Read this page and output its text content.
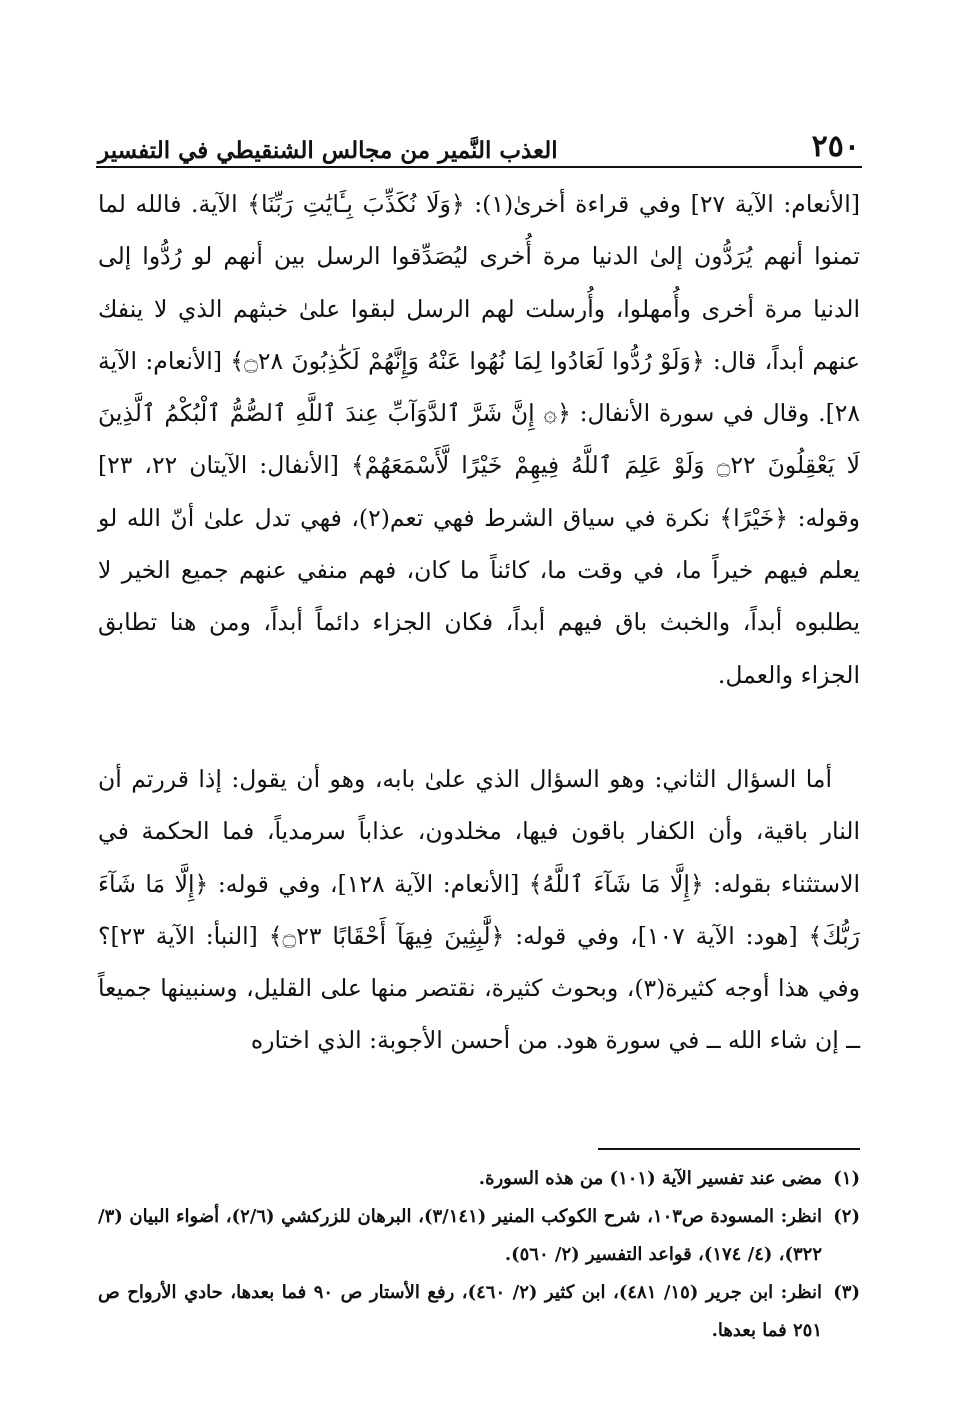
٢٥٠
العذب النَّمير من مجالس الشنقيطي في التفسير

[الأنعام: الآية ٢٧] وفي قراءة أخرىٰ(١): ﴿وَلَا نُكَذِّبَ بِـَٔايَٰتِ رَبِّنَا﴾ الآية. فالله لما تمنوا أنهم يُرَدُّون إلىٰ الدنيا مرة أُخرى ليُصَدِّقوا الرسل بين أنهم لو رُدُّوا إلى الدنيا مرة أخرى وأُمهلوا، وأُرسلت لهم الرسل لبقوا علىٰ خبثهم الذي لا ينفك عنهم أبداً، قال: ﴿وَلَوْ رُدُّوا لَعَادُوا لِمَا نُهُوا عَنْهُ وَإِنَّهُمْ لَكَٰذِبُونَ ۝٢٨﴾ [الأنعام: الآية ٢٨]. وقال في سورة الأنفال: ﴿۞ إِنَّ شَرَّ ٱلدَّوَآبِّ عِندَ ٱللَّهِ ٱلصُّمُّ ٱلْبُكْمُ ٱلَّذِينَ لَا يَعْقِلُونَ ۝٢٢ وَلَوْ عَلِمَ ٱللَّهُ فِيهِمْ خَيْرًا لَّأَسْمَعَهُمْ﴾ [الأنفال: الآيتان ٢٢، ٢٣] وقوله: ﴿خَيْرًا﴾ نكرة في سياق الشرط فهي تعم(٢)، فهي تدل علىٰ أنّ الله لو يعلم فيهم خيراً ما، في وقت ما، كائناً ما كان، فهم منفي عنهم جميع الخير لا يطلبوه أبداً، والخبث باق فيهم أبداً، فكان الجزاء دائماً أبداً، ومن هنا تطابق الجزاء والعمل.

أما السؤال الثاني: وهو السؤال الذي علىٰ بابه، وهو أن يقول: إذا قررتم أن النار باقية، وأن الكفار باقون فيها، مخلدون، عذاباً سرمدياً، فما الحكمة في الاستثناء بقوله: ﴿إِلَّا مَا شَآءَ ٱللَّهُ﴾ [الأنعام: الآية ١٢٨]، وفي قوله: ﴿إِلَّا مَا شَآءَ رَبُّكَ﴾ [هود: الآية ١٠٧]، وفي قوله: ﴿لَّٰبِثِينَ فِيهَآ أَحْقَابًا ۝٢٣﴾ [النبأ: الآية ٢٣]؟ وفي هذا أوجه كثيرة(٣)، وبحوث كثيرة، نقتصر منها على القليل، وسنبينها جميعاً ــ إن شاء الله ــ في سورة هود. من أحسن الأجوبة: الذي اختاره

(١)
مضى عند تفسير الآية (١٠١) من هذه السورة.
(٢)
انظر: المسودة ص١٠٣، شرح الكوكب المنير (٣/١٤١)، البرهان للزركشي (٢/٦)، أضواء البيان (٣/ ٣٢٢)، (٤/ ١٧٤)، قواعد التفسير (٢/ ٥٦٠).
(٣)
انظر: ابن جرير (١٥/ ٤٨١)، ابن كثير (٢/ ٤٦٠)، رفع الأستار ص ٩٠ فما بعدها، حادي الأرواح ص ٢٥١ فما بعدها.
